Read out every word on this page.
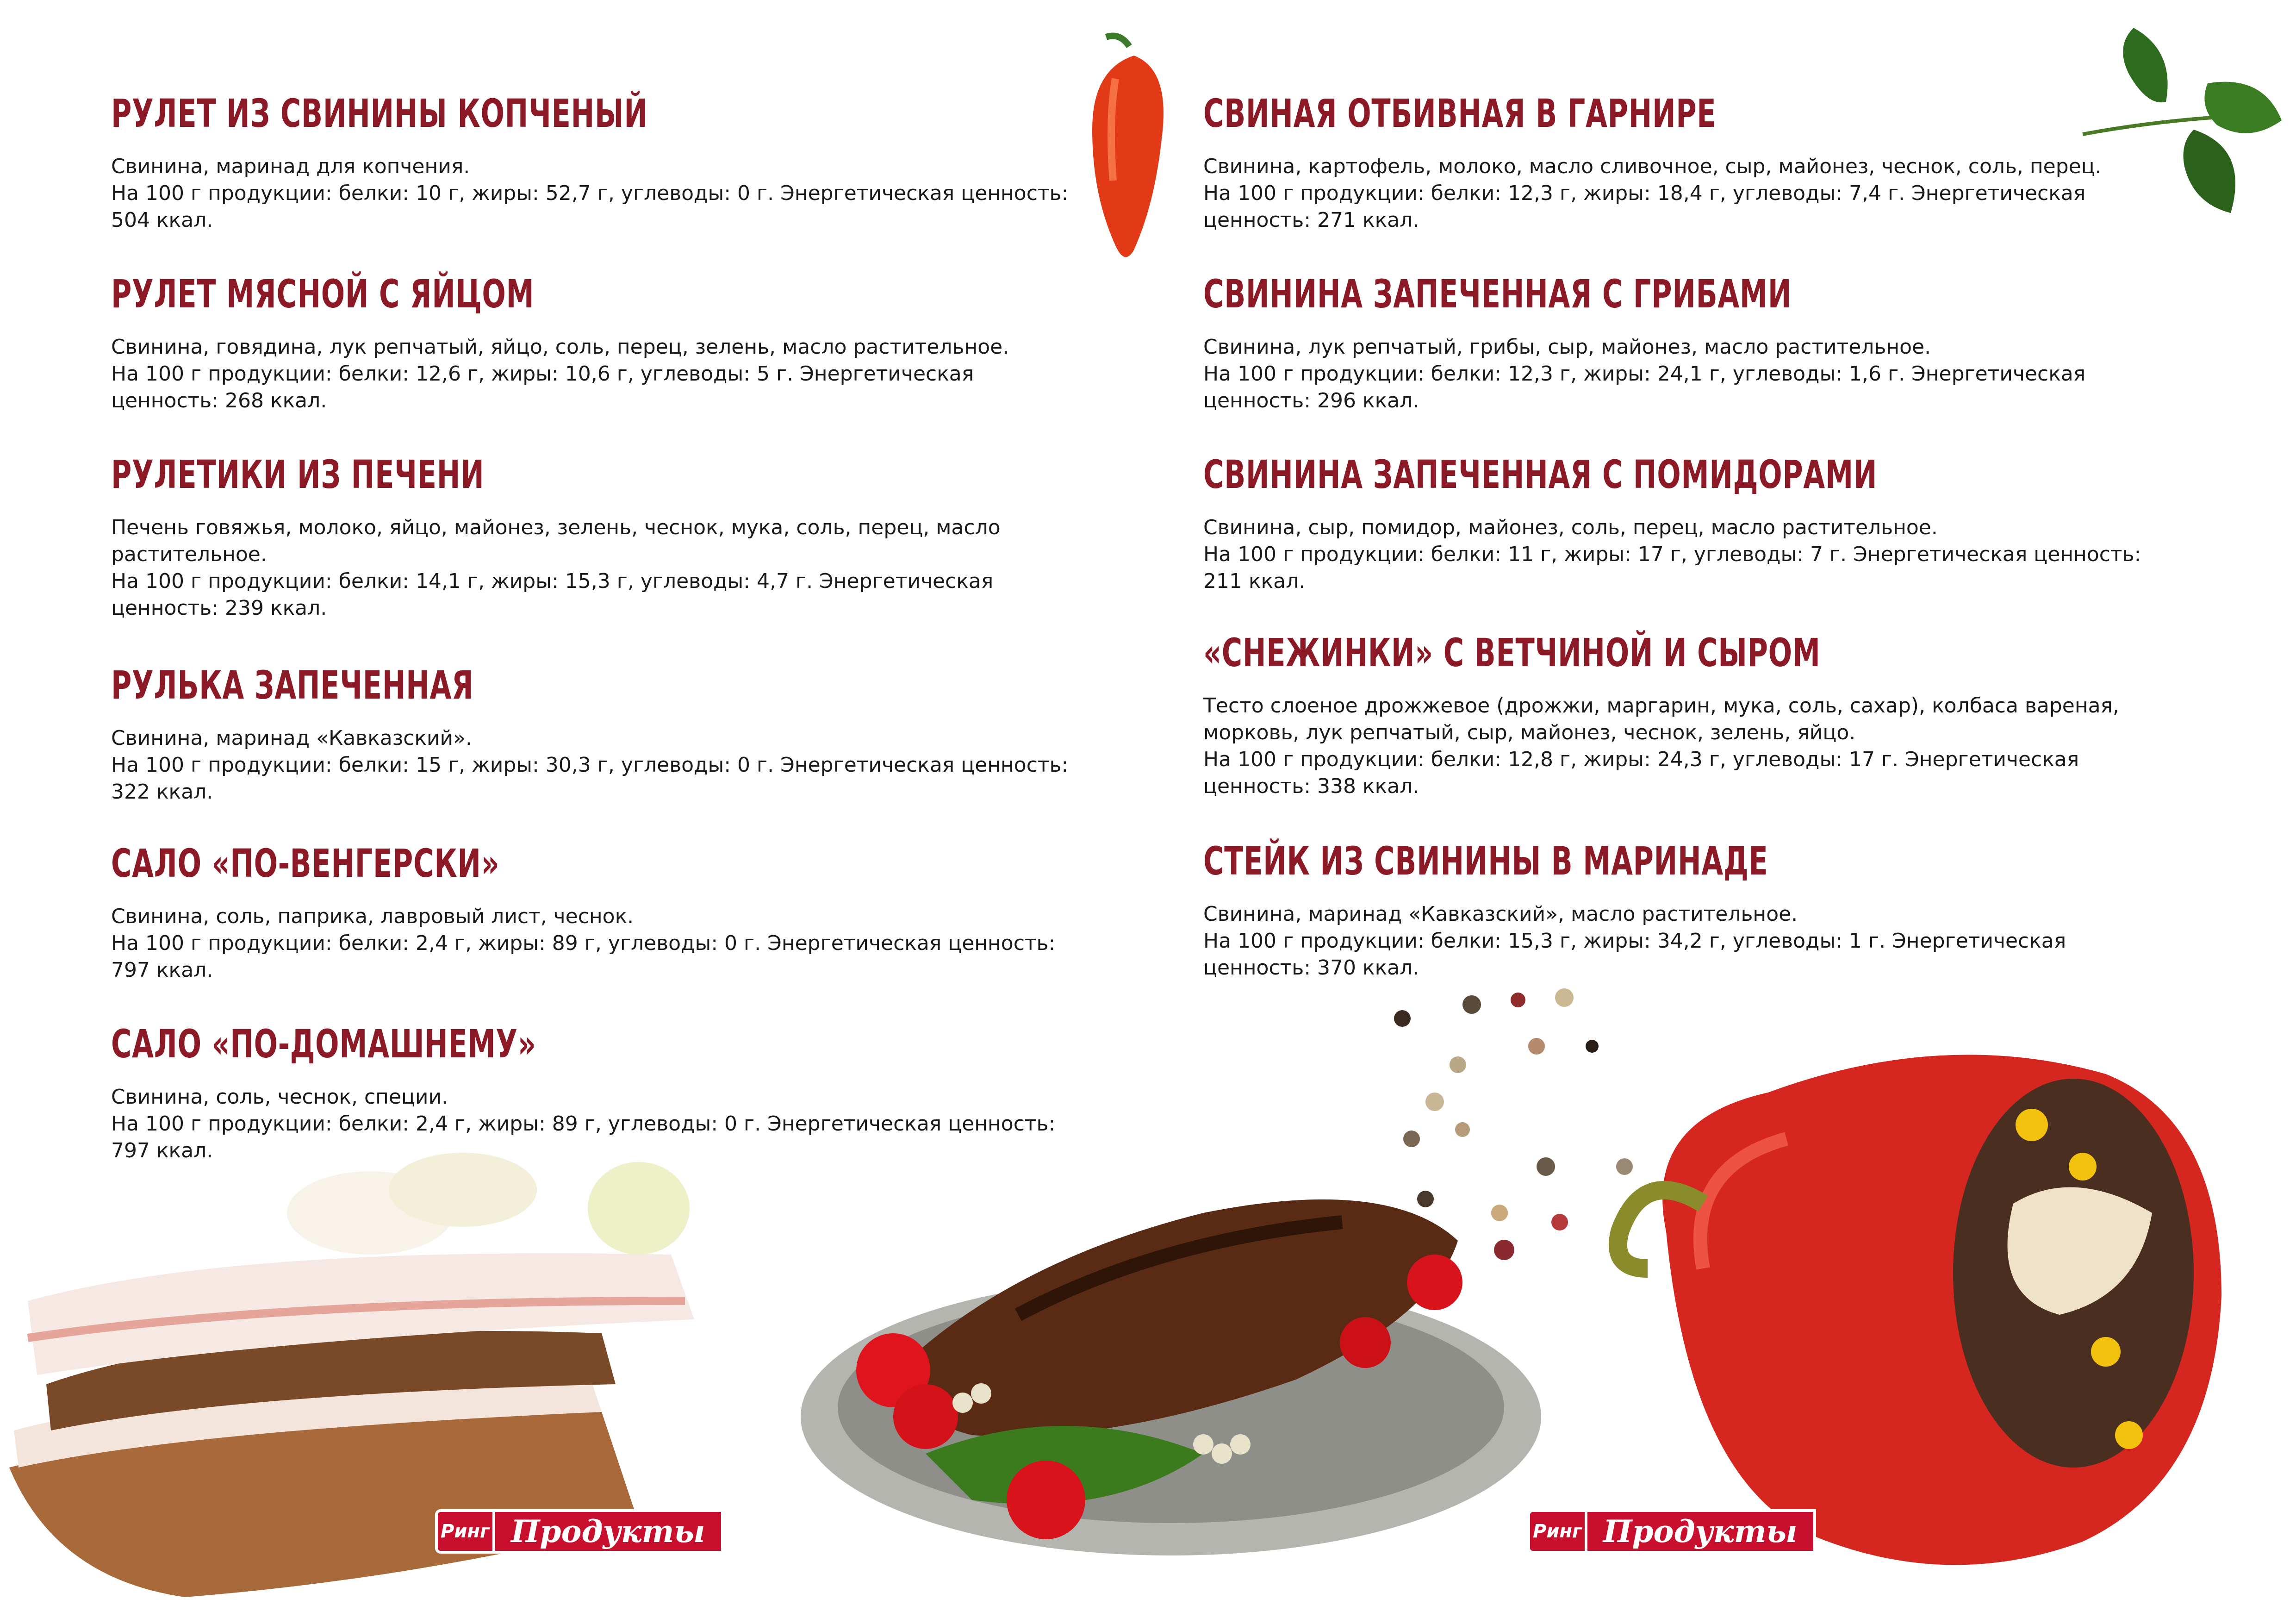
Ринг Продукты	Ринг Продукты
РУЛЕТ ИЗ СВИНИНЫ КОПЧЕНЫЙ
Свинина, маринад для копчения.
На 100 г продукции: белки: 10 г, жиры: 52,7 г, углеводы: 0 г. Энергетическая ценность:
504 ккал.
РУЛЕТ МЯСНОЙ С ЯЙЦОМ
Свинина, говядина, лук репчатый, яйцо, соль, перец, зелень, масло растительное.
На 100 г продукции: белки: 12,6 г, жиры: 10,6 г, углеводы: 5 г. Энергетическая
ценность: 268 ккал.
РУЛЕТИКИ ИЗ ПЕЧЕНИ
Печень говяжья, молоко, яйцо, майонез, зелень, чеснок, мука, соль, перец, масло
растительное.
На 100 г продукции: белки: 14,1 г, жиры: 15,3 г, углеводы: 4,7 г. Энергетическая
ценность: 239 ккал.
РУЛЬКА ЗАПЕЧЕННАЯ
Свинина, маринад «Кавказский».
На 100 г продукции: белки: 15 г, жиры: 30,3 г, углеводы: 0 г. Энергетическая ценность:
322 ккал.
САЛО «ПО-ВЕНГЕРСКИ»
Свинина, соль, паприка, лавровый лист, чеснок.
На 100 г продукции: белки: 2,4 г, жиры: 89 г, углеводы: 0 г. Энергетическая ценность:
797 ккал.
САЛО «ПО-ДОМАШНЕМУ»
Свинина, соль, чеснок, специи.
На 100 г продукции: белки: 2,4 г, жиры: 89 г, углеводы: 0 г. Энергетическая ценность:
797 ккал.
СВИНАЯ ОТБИВНАЯ В ГАРНИРЕ
Свинина, картофель, молоко, масло сливочное, сыр, майонез, чеснок, соль, перец.
На 100 г продукции: белки: 12,3 г, жиры: 18,4 г, углеводы: 7,4 г. Энергетическая
ценность: 271 ккал.
СВИНИНА ЗАПЕЧЕННАЯ С ГРИБАМИ
Свинина, лук репчатый, грибы, сыр, майонез, масло растительное.
На 100 г продукции: белки: 12,3 г, жиры: 24,1 г, углеводы: 1,6 г. Энергетическая
ценность: 296 ккал.
СВИНИНА ЗАПЕЧЕННАЯ С ПОМИДОРАМИ
Свинина, сыр, помидор, майонез, соль, перец, масло растительное.
На 100 г продукции: белки: 11 г, жиры: 17 г, углеводы: 7 г. Энергетическая ценность:
211 ккал.
«СНЕЖИНКИ» С ВЕТЧИНОЙ И СЫРОМ
Тесто слоеное дрожжевое (дрожжи, маргарин, мука, соль, сахар), колбаса вареная,
морковь, лук репчатый, сыр, майонез, чеснок, зелень, яйцо.
На 100 г продукции: белки: 12,8 г, жиры: 24,3 г, углеводы: 17 г. Энергетическая
ценность: 338 ккал.
СТЕЙК ИЗ СВИНИНЫ В МАРИНАДЕ
Свинина, маринад «Кавказский», масло растительное.
На 100 г продукции: белки: 15,3 г, жиры: 34,2 г, углеводы: 1 г. Энергетическая
ценность: 370 ккал.
